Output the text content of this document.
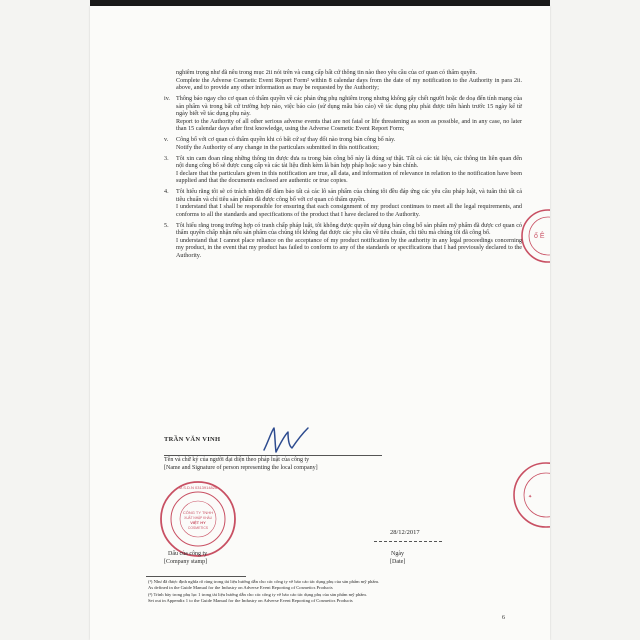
nghiêm trọng như đã nêu trong mục 2ii nói trên và cung cấp bất cứ thông tin nào theo yêu cầu của cơ quan có thẩm quyền.

Complete the Adverse Cosmetic Event Report Form² within 8 calendar days from the date of my notification to the Authority in para 2ii. above, and to provide any other information as may be requested by the Authority;

iv. Thông báo ngay cho cơ quan có thẩm quyền về các phản ứng phụ nghiêm trọng nhưng không gây chết người hoặc đe doạ đến tính mạng của sản phẩm và trong bất cứ trường hợp nào, việc báo cáo (sử dụng mẫu báo cáo) về tác dụng phụ phải được tiến hành trước 15 ngày kể từ ngày biết về tác dụng phụ này.

Report to the Authority of all other serious adverse events that are not fatal or life threatening as soon as possible, and in any case, no later than 15 calendar days after first knowledge, using the Adverse Cosmetic Event Report Form;

v. Công bố với cơ quan có thẩm quyền khi có bất cứ sự thay đổi nào trong bản công bố này.

Notify the Authority of any change in the particulars submitted in this notification;

3. Tôi xin cam đoan rằng những thông tin được đưa ra trong bản công bố này là đúng sự thật. Tất cả các tài liệu, các thông tin liên quan đến nội dung công bố sẽ được cung cấp và các tài liệu đính kèm là bản hợp pháp hoặc sao y bản chính.

I declare that the particulars given in this notification are true, all data, and information of relevance in relation to the notification have been supplied and that the documents enclosed are authentic or true copies.

4. Tôi hiểu rằng tôi sẽ có trách nhiệm để đảm bảo tất cả các lô sản phẩm của chúng tôi đều đáp ứng các yêu cầu pháp luật, và tuân thủ tất cả tiêu chuẩn và chỉ tiêu sản phẩm đã được công bố với cơ quan có thẩm quyền.

I understand that I shall be responsible for ensuring that each consignment of my product continues to meet all the legal requirements, and conforms to all the standards and specifications of the product that I have declared to the Authority.

5. Tôi hiểu rằng trong trường hợp có tranh chấp pháp luật, tôi không được quyền sử dụng bản công bố sản phẩm mỹ phẩm đã được cơ quan có thẩm quyền chấp nhận nếu sản phẩm của chúng tôi không đạt được các yêu cầu về tiêu chuẩn, chỉ tiêu mà chúng tôi đã công bố.

I understand that I cannot place reliance on the acceptance of my product notification by the authority in any legal proceedings concerning my product, in the event that my product has failed to conform to any of the standards or specifications that I had previously declared to the Authority.

TRẦN VĂN VINH
Tên và chữ ký của người đại diện theo pháp luật của công ty
[Name and Signature of person representing the local company]
CÔNG TY TNHH
XUẤT NHẬP KHẨU
VIỆT HY
COSMETICS
M.S.D.N 0313914826
ổ Ê
✦
28/12/2017
Dấu của công ty
[Company stamp]
Ngày
[Date]
(¹) Như đã được định nghĩa rõ ràng trong tài liệu hướng dẫn cho các công ty về báo cáo tác dụng phụ của sản phẩm mỹ phẩm.
As defined in the Guide Manual for the Industry on Adverse Event Reporting of Cosmetics Products
(²) Trình bày trong phụ lục 1 trong tài liệu hướng dẫn cho các công ty về báo cáo tác dụng phụ của sản phẩm mỹ phẩm.
Set out in Appendix 1 to the Guide Manual for the Industry on Adverse Event Reporting of Cosmetics Products
6
